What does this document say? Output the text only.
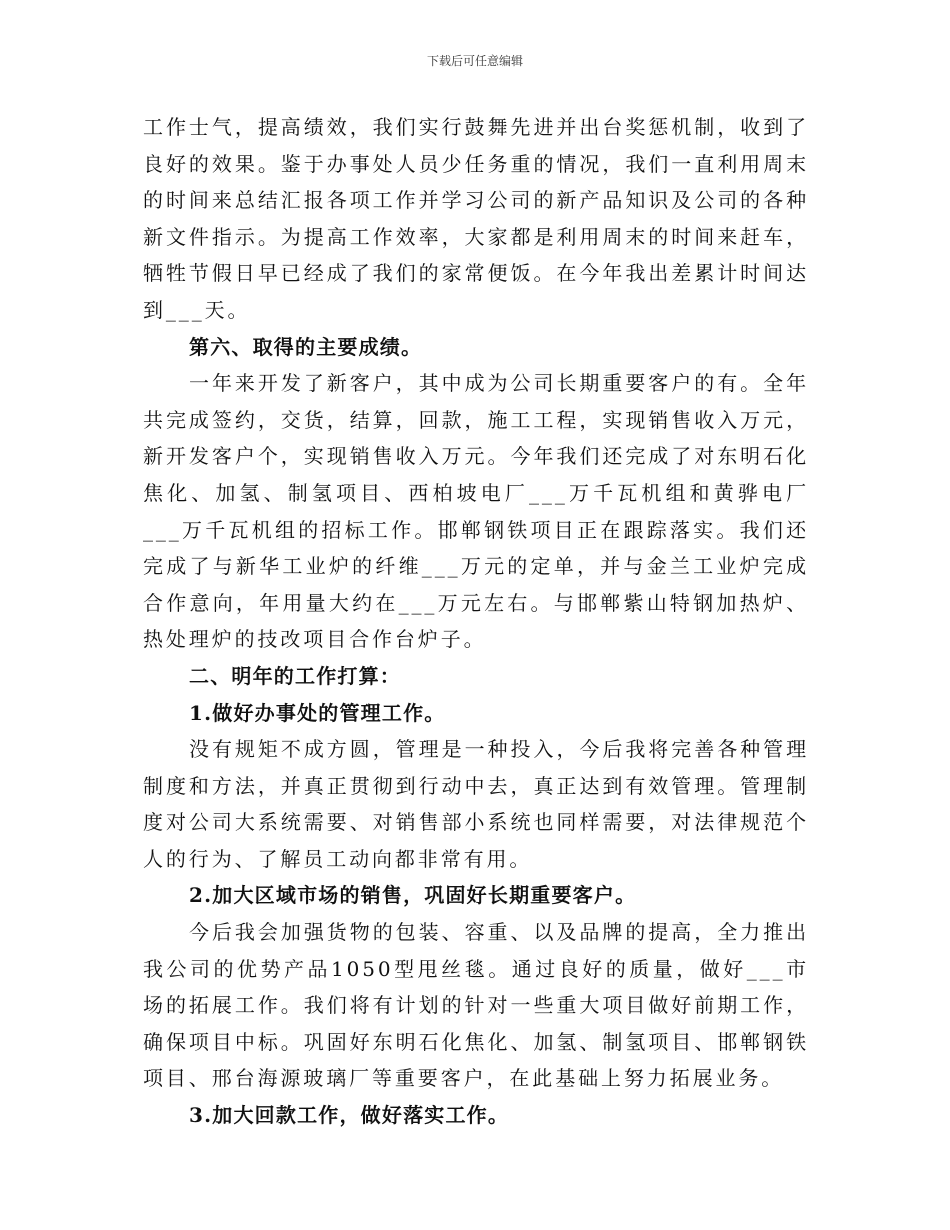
下载后可任意编辑

工作士气，提高绩效，我们实行鼓舞先进并出台奖惩机制，收到了良好的效果。鉴于办事处人员少任务重的情况，我们一直利用周末的时间来总结汇报各项工作并学习公司的新产品知识及公司的各种新文件指示。为提高工作效率，大家都是利用周末的时间来赶车，牺牲节假日早已经成了我们的家常便饭。在今年我出差累计时间达到___天。

第六、取得的主要成绩。

一年来开发了新客户，其中成为公司长期重要客户的有。全年共完成签约，交货，结算，回款，施工工程，实现销售收入万元，新开发客户个，实现销售收入万元。今年我们还完成了对东明石化焦化、加氢、制氢项目、西柏坡电厂___万千瓦机组和黄骅电厂___万千瓦机组的招标工作。邯郸钢铁项目正在跟踪落实。我们还完成了与新华工业炉的纤维___万元的定单，并与金兰工业炉完成合作意向，年用量大约在___万元左右。与邯郸紫山特钢加热炉、热处理炉的技改项目合作台炉子。

二、明年的工作打算：

1.做好办事处的管理工作。

没有规矩不成方圆，管理是一种投入，今后我将完善各种管理制度和方法，并真正贯彻到行动中去，真正达到有效管理。管理制度对公司大系统需要、对销售部小系统也同样需要，对法律规范个人的行为、了解员工动向都非常有用。

2.加大区域市场的销售，巩固好长期重要客户。

今后我会加强货物的包装、容重、以及品牌的提高，全力推出我公司的优势产品1050型甩丝毯。通过良好的质量，做好___市场的拓展工作。我们将有计划的针对一些重大项目做好前期工作，确保项目中标。巩固好东明石化焦化、加氢、制氢项目、邯郸钢铁项目、邢台海源玻璃厂等重要客户，在此基础上努力拓展业务。

3.加大回款工作，做好落实工作。
